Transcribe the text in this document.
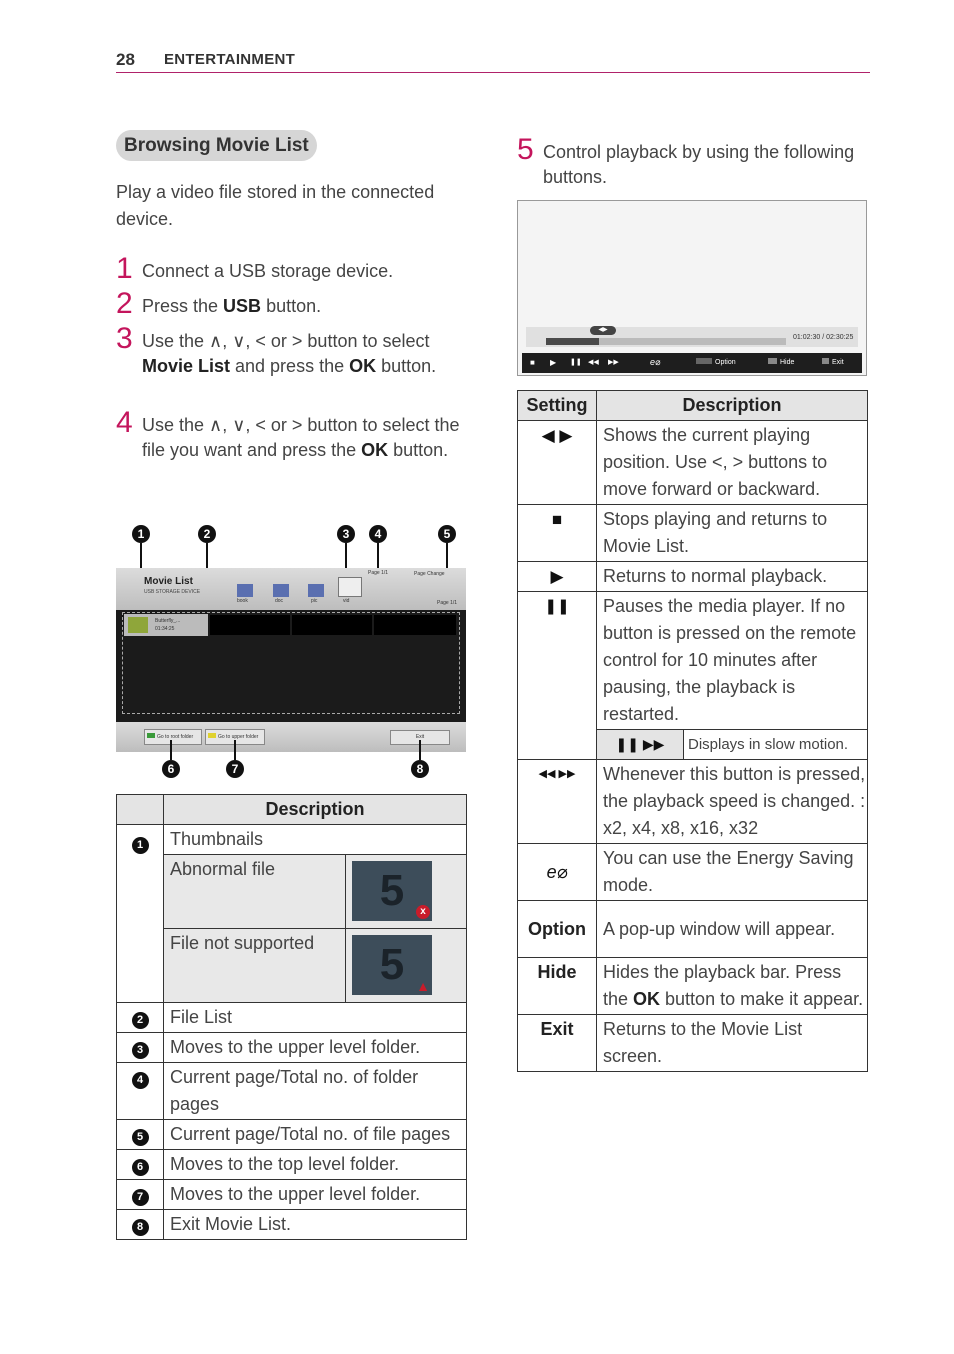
28 ENTERTAINMENT
Browsing Movie List
Play a video file stored in the connected device.
1 Connect a USB storage device.
2 Press the USB button.
3 Use the ∧, ∨, < or > button to select Movie List and press the OK button.
4 Use the ∧, ∨, < or > button to select the file you want and press the OK button.
1	2	3	4	5
Movie List
USB STORAGE DEVICE
book	doc	pic	vid
Page 1/1	Page Change
Page 1/1
Butterfly_...
01:34:25
Go to root folder	Go to upper folder	Exit
6	7	8
	Description	
1	Thumbnails	
	Abnormal file	5 x

	File not supported	5 ▲

2	File List	
3	Moves to the upper level folder.	
4	Current page/Total no. of folder pages	
5	Current page/Total no. of file pages	
6	Moves to the top level folder.	
7	Moves to the upper level folder.	
8	Exit Movie List.	
5 Control playback by using the following buttons.
◀▶
01:02:30 / 02:30:25
■ ▶ ❚❚ ◀◀ ▶▶	e⌀	Option	Hide	Exit
Setting	Description	
◀ ▶	Shows the current playing position. Use <, > buttons to move forward or backward.	
■	Stops playing and returns to Movie List.	
▶	Returns to normal playback.	
❚❚	Pauses the media player. If no button is pressed on the remote control for 10 minutes after pausing, the playback is restarted.	
	❚❚ ▶▶	Displays in slow motion.
◀◀ ▶▶	Whenever this button is pressed, the playback speed is changed. : x2, x4, x8, x16, x32	
e⌀	You can use the Energy Saving mode.	
Option	A pop-up window will appear.	
Hide	Hides the playback bar. Press the OK button to make it appear.	
Exit	Returns to the Movie List screen.	
